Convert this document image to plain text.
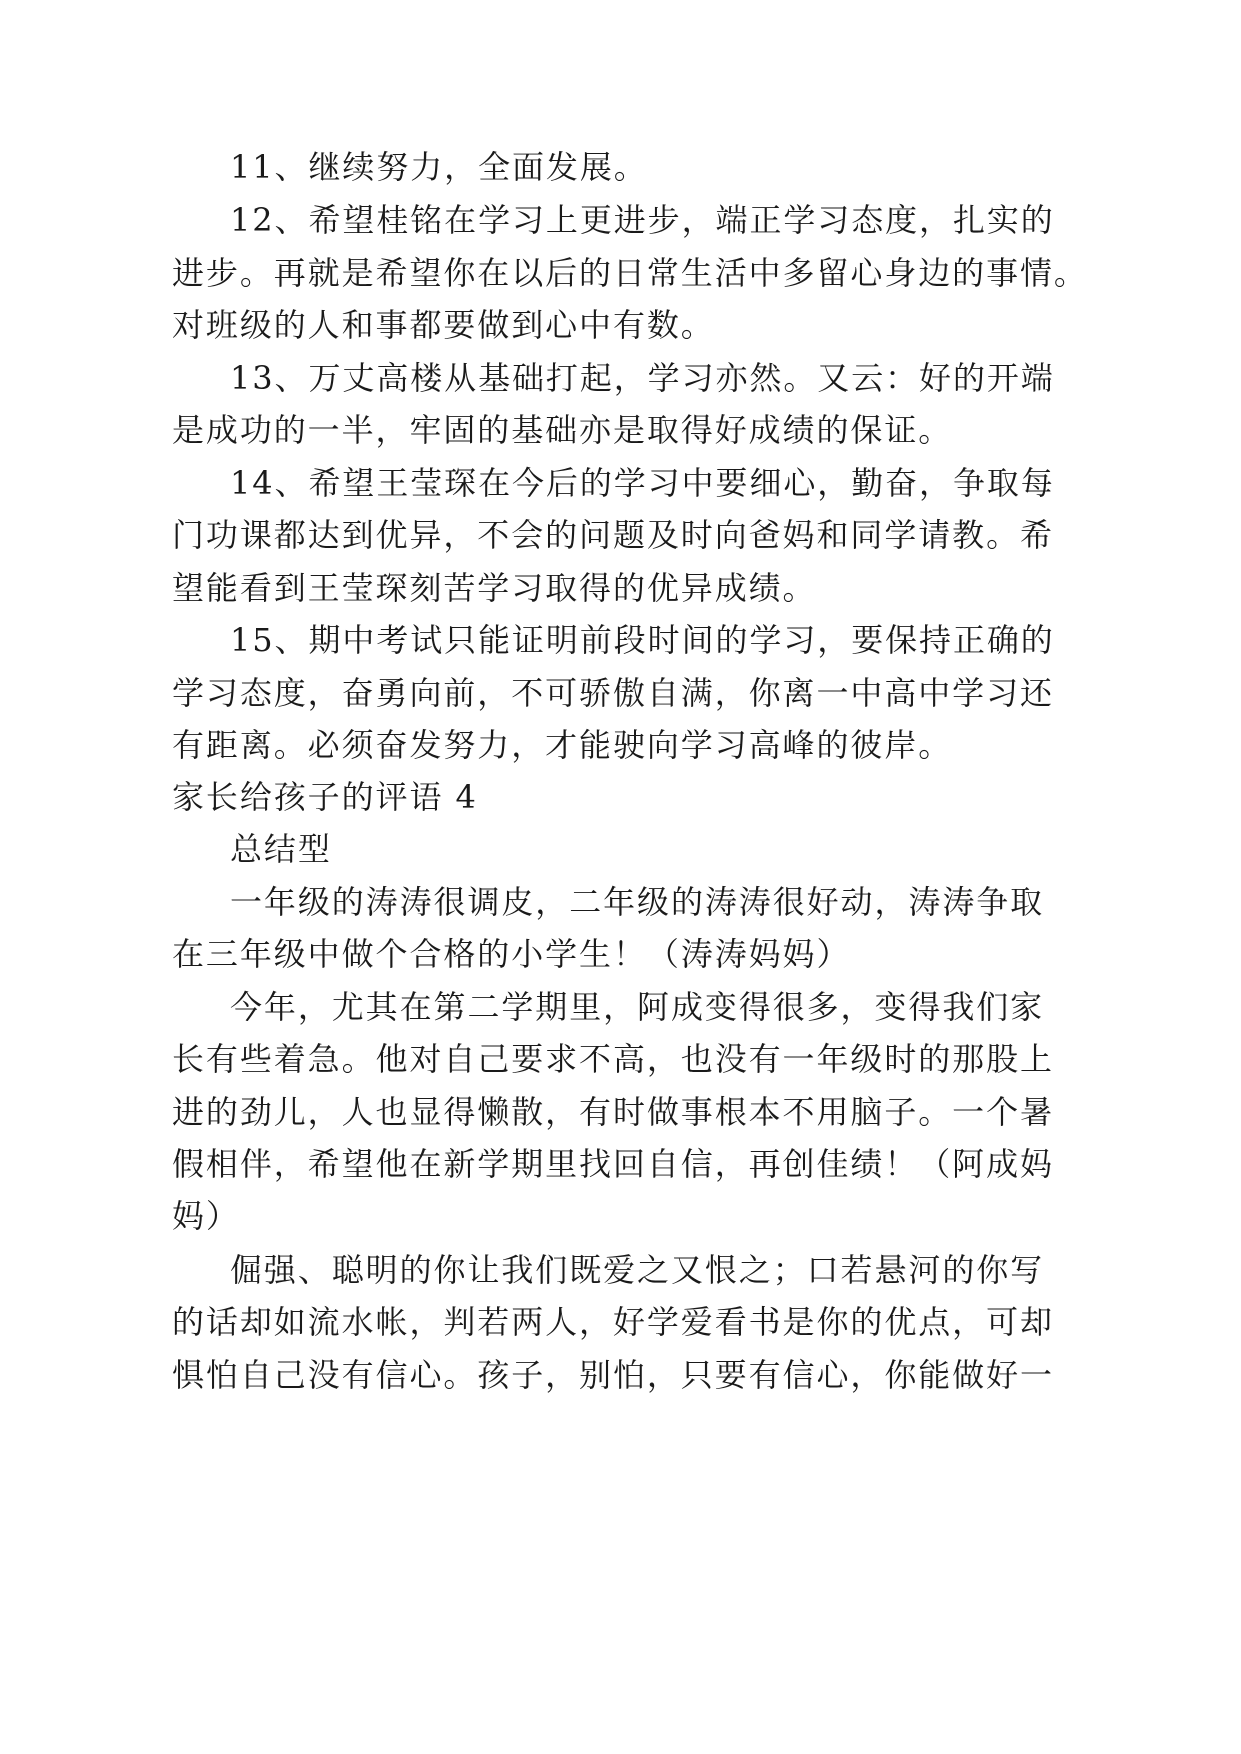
11、继续努力，全面发展。
12、希望桂铭在学习上更进步，端正学习态度，扎实的
进步。再就是希望你在以后的日常生活中多留心身边的事情。
对班级的人和事都要做到心中有数。
13、万丈高楼从基础打起，学习亦然。又云：好的开端
是成功的一半，牢固的基础亦是取得好成绩的保证。
14、希望王莹琛在今后的学习中要细心，勤奋，争取每
门功课都达到优异，不会的问题及时向爸妈和同学请教。希
望能看到王莹琛刻苦学习取得的优异成绩。
15、期中考试只能证明前段时间的学习，要保持正确的
学习态度，奋勇向前，不可骄傲自满，你离一中高中学习还
有距离。必须奋发努力，才能驶向学习高峰的彼岸。
家长给孩子的评语 4
总结型
一年级的涛涛很调皮，二年级的涛涛很好动，涛涛争取
在三年级中做个合格的小学生！（涛涛妈妈）
今年，尤其在第二学期里，阿成变得很多，变得我们家
长有些着急。他对自己要求不高，也没有一年级时的那股上
进的劲儿，人也显得懒散，有时做事根本不用脑子。一个暑
假相伴，希望他在新学期里找回自信，再创佳绩！（阿成妈
妈）
倔强、聪明的你让我们既爱之又恨之；口若悬河的你写
的话却如流水帐，判若两人，好学爱看书是你的优点，可却
惧怕自己没有信心。孩子，别怕，只要有信心，你能做好一
